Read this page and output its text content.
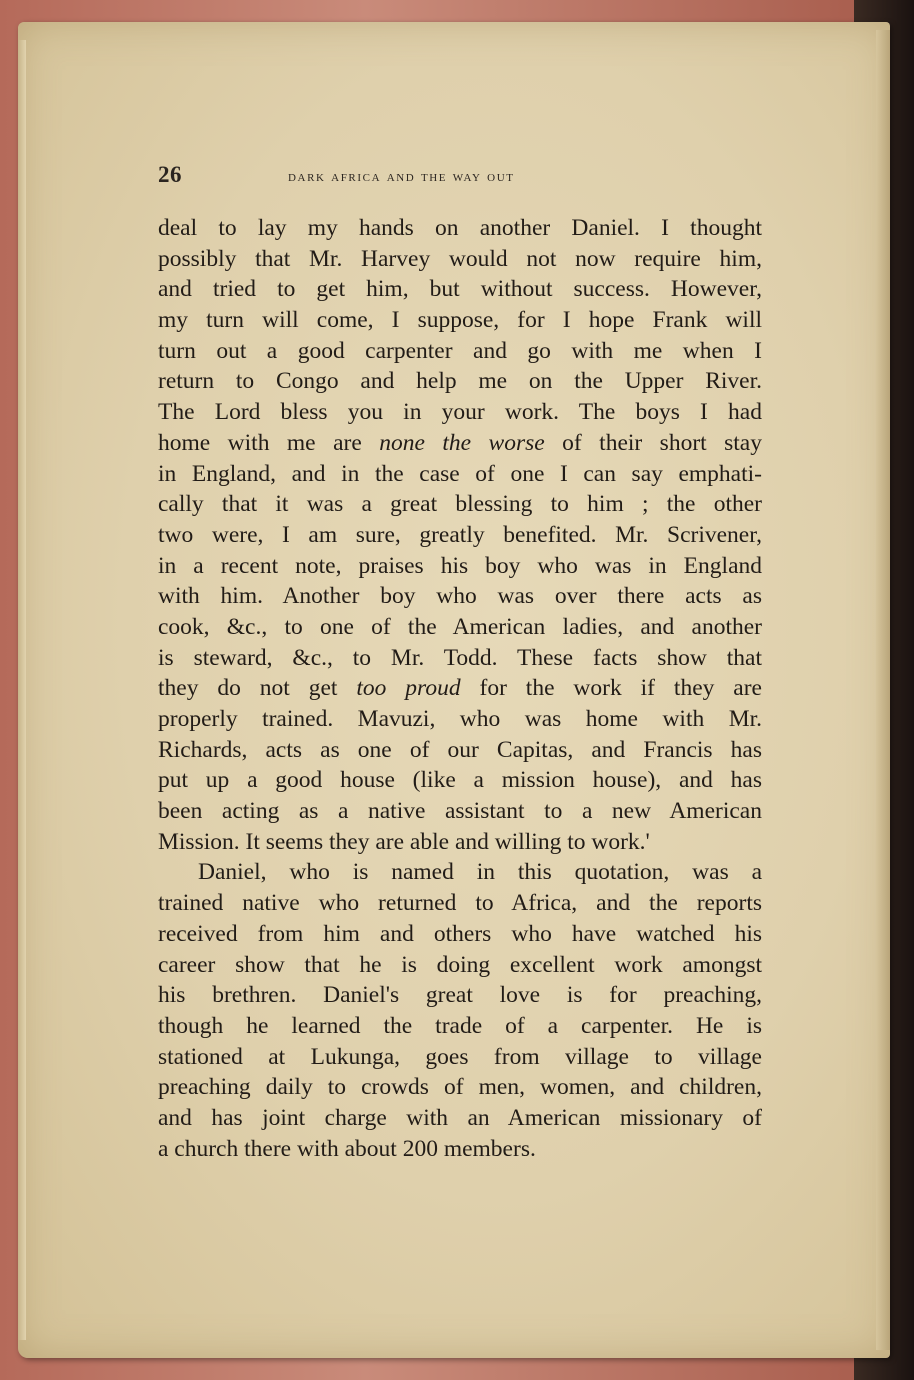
26	dark africa and the way out
deal to lay my hands on another Daniel. I thought
possibly that Mr. Harvey would not now require him,
and tried to get him, but without success. However,
my turn will come, I suppose, for I hope Frank will
turn out a good carpenter and go with me when I
return to Congo and help me on the Upper River.
The Lord bless you in your work. The boys I had
home with me are none the worse of their short stay
in England, and in the case of one I can say emphati-
cally that it was a great blessing to him ; the other
two were, I am sure, greatly benefited. Mr. Scrivener,
in a recent note, praises his boy who was in England
with him. Another boy who was over there acts as
cook, &c., to one of the American ladies, and another
is steward, &c., to Mr. Todd. These facts show that
they do not get too proud for the work if they are
properly trained. Mavuzi, who was home with Mr.
Richards, acts as one of our Capitas, and Francis has
put up a good house (like a mission house), and has
been acting as a native assistant to a new American
Mission. It seems they are able and willing to work.'
Daniel, who is named in this quotation, was a
trained native who returned to Africa, and the reports
received from him and others who have watched his
career show that he is doing excellent work amongst
his brethren. Daniel's great love is for preaching,
though he learned the trade of a carpenter. He is
stationed at Lukunga, goes from village to village
preaching daily to crowds of men, women, and children,
and has joint charge with an American missionary of
a church there with about 200 members.
